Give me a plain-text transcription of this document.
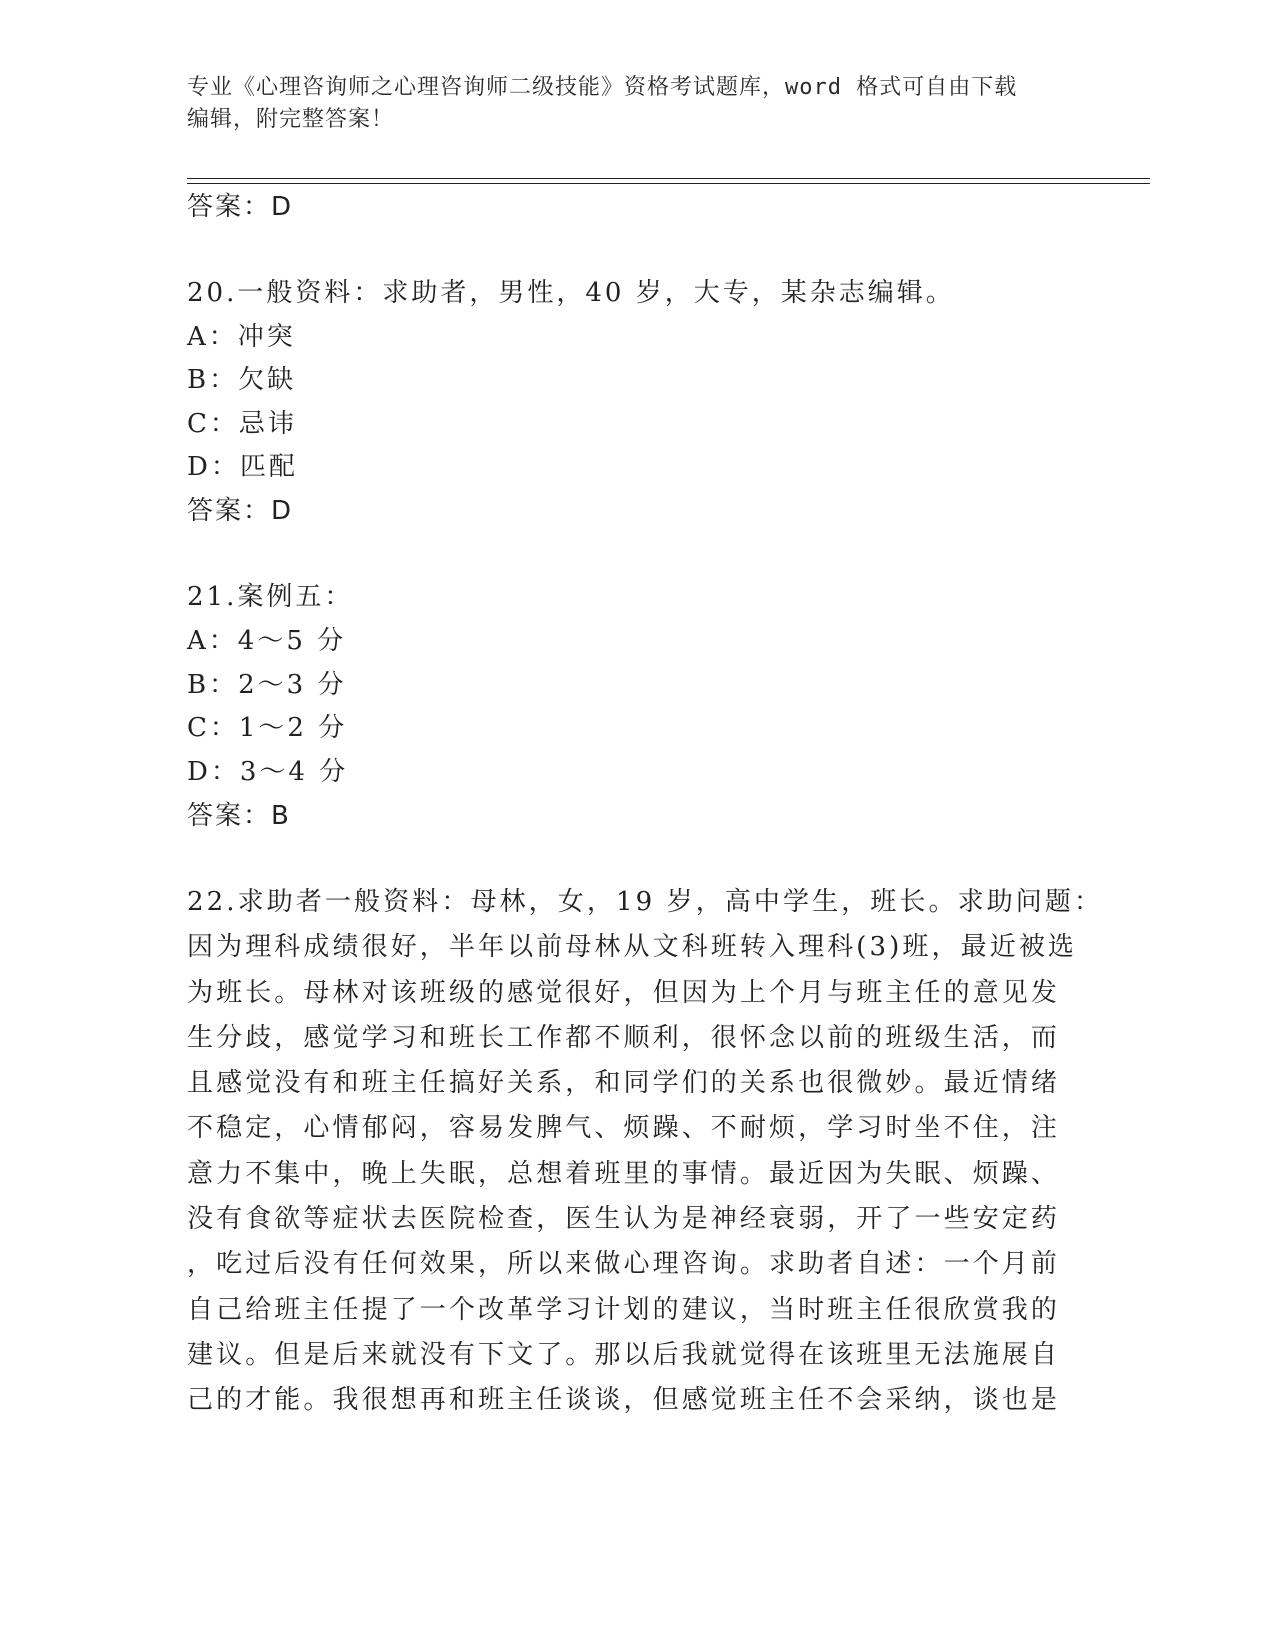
专业《心理咨询师之心理咨询师二级技能》资格考试题库，word 格式可自由下载
编辑，附完整答案！
答案：D
20.一般资料：求助者，男性，40 岁，大专，某杂志编辑。
A：冲突
B：欠缺
C：忌讳
D：匹配
答案：D
21.案例五：
A：4～5 分
B：2～3 分
C：1～2 分
D：3～4 分
答案：B
22.求助者一般资料：母林，女，19 岁，高中学生，班长。求助问题：
因为理科成绩很好，半年以前母林从文科班转入理科(3)班，最近被选
为班长。母林对该班级的感觉很好，但因为上个月与班主任的意见发
生分歧，感觉学习和班长工作都不顺利，很怀念以前的班级生活，而
且感觉没有和班主任搞好关系，和同学们的关系也很微妙。最近情绪
不稳定，心情郁闷，容易发脾气、烦躁、不耐烦，学习时坐不住，注
意力不集中，晚上失眠，总想着班里的事情。最近因为失眠、烦躁、
没有食欲等症状去医院检查，医生认为是神经衰弱，开了一些安定药
，吃过后没有任何效果，所以来做心理咨询。求助者自述：一个月前
自己给班主任提了一个改革学习计划的建议，当时班主任很欣赏我的
建议。但是后来就没有下文了。那以后我就觉得在该班里无法施展自
己的才能。我很想再和班主任谈谈，但感觉班主任不会采纳，谈也是
